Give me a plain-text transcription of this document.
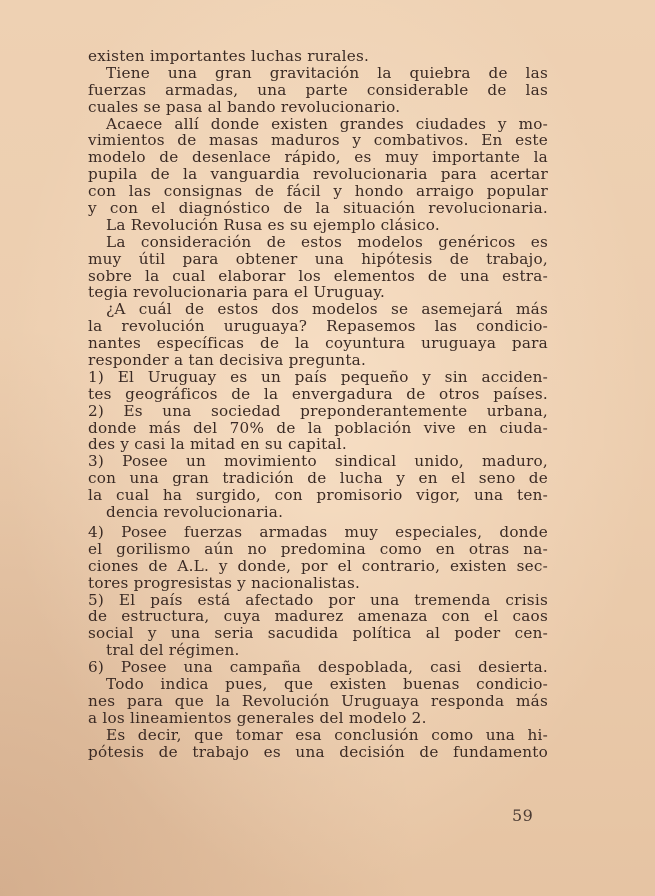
existen importantes luchas rurales.
Tiene una gran gravitación la quiebra de las
fuerzas armadas, una parte considerable de las
cuales se pasa al bando revolucionario.
Acaece allí donde existen grandes ciudades y mo-
vimientos de masas maduros y combativos. En este
modelo de desenlace rápido, es muy importante la
pupila de la vanguardia revolucionaria para acertar
con las consignas de fácil y hondo arraigo popular
y con el diagnóstico de la situación revolucionaria.
La Revolución Rusa es su ejemplo clásico.
La consideración de estos modelos genéricos es
muy útil para obtener una hipótesis de trabajo,
sobre la cual elaborar los elementos de una estra-
tegia revolucionaria para el Uruguay.
¿A cuál de estos dos modelos se asemejará más
la revolución uruguaya? Repasemos las condicio-
nantes específicas de la coyuntura uruguaya para
responder a tan decisiva pregunta.
1) El Uruguay es un país pequeño y sin acciden-
tes geográficos de la envergadura de otros países.
2) Es una sociedad preponderantemente urbana,
donde más del 70% de la población vive en ciuda-
des y casi la mitad en su capital.
3) Posee un movimiento sindical unido, maduro,
con una gran tradición de lucha y en el seno de
la cual ha surgido, con promisorio vigor, una ten-
dencia revolucionaria.
4) Posee fuerzas armadas muy especiales, donde
el gorilismo aún no predomina como en otras na-
ciones de A.L. y donde, por el contrario, existen sec-
tores progresistas y nacionalistas.
5) El país está afectado por una tremenda crisis
de estructura, cuya madurez amenaza con el caos
social y una seria sacudida política al poder cen-
tral del régimen.
6) Posee una campaña despoblada, casi desierta.
Todo indica pues, que existen buenas condicio-
nes para que la Revolución Uruguaya responda más
a los lineamientos generales del modelo 2.
Es decir, que tomar esa conclusión como una hi-
pótesis de trabajo es una decisión de fundamento
59
